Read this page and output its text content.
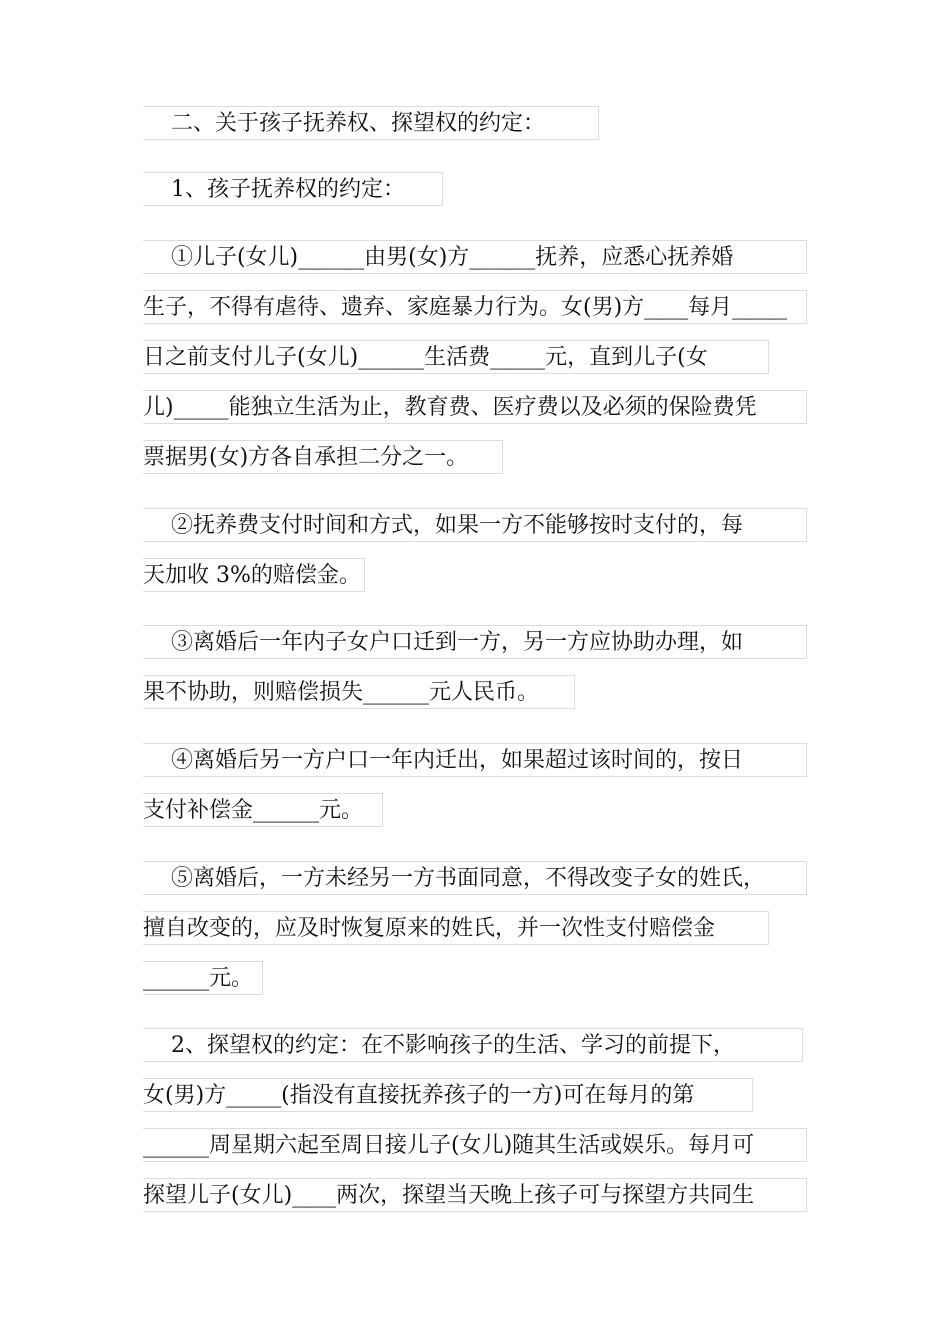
二、关于孩子抚养权、探望权的约定：
1、孩子抚养权的约定：
①儿子(女儿)______由男(女)方______抚养，应悉心抚养婚
生子，不得有虐待、遗弃、家庭暴力行为。女(男)方____每月_____
日之前支付儿子(女儿)______生活费_____元，直到儿子(女
儿)_____能独立生活为止，教育费、医疗费以及必须的保险费凭
票据男(女)方各自承担二分之一。
②抚养费支付时间和方式，如果一方不能够按时支付的，每
天加收 3%的赔偿金。
③离婚后一年内子女户口迁到一方，另一方应协助办理，如
果不协助，则赔偿损失______元人民币。
④离婚后另一方户口一年内迁出，如果超过该时间的，按日
支付补偿金______元。
⑤离婚后，一方未经另一方书面同意，不得改变子女的姓氏，
擅自改变的，应及时恢复原来的姓氏，并一次性支付赔偿金
______元。
2、探望权的约定：在不影响孩子的生活、学习的前提下，
女(男)方_____(指没有直接抚养孩子的一方)可在每月的第
______周星期六起至周日接儿子(女儿)随其生活或娱乐。每月可
探望儿子(女儿)____两次，探望当天晚上孩子可与探望方共同生
